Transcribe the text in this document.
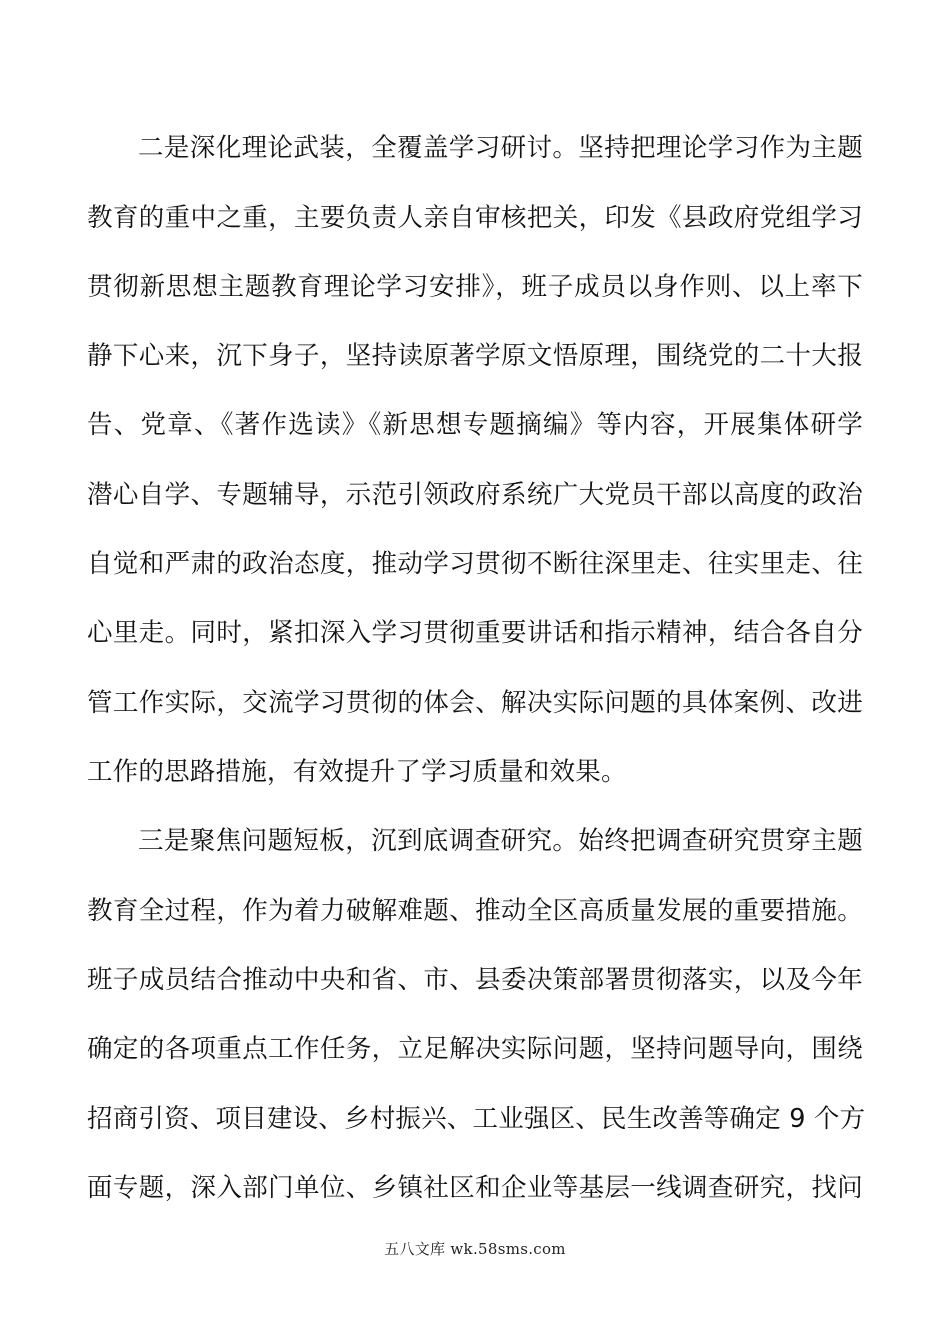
二是深化理论武装，全覆盖学习研讨。坚持把理论学习作为主题
教育的重中之重，主要负责人亲自审核把关，印发《县政府党组学习
贯彻新思想主题教育理论学习安排》，班子成员以身作则、以上率下
静下心来，沉下身子，坚持读原著学原文悟原理，围绕党的二十大报
告、党章、《著作选读》《新思想专题摘编》等内容，开展集体研学
潜心自学、专题辅导，示范引领政府系统广大党员干部以高度的政治
自觉和严肃的政治态度，推动学习贯彻不断往深里走、往实里走、往
心里走。同时，紧扣深入学习贯彻重要讲话和指示精神，结合各自分
管工作实际，交流学习贯彻的体会、解决实际问题的具体案例、改进
工作的思路措施，有效提升了学习质量和效果。
三是聚焦问题短板，沉到底调查研究。始终把调查研究贯穿主题
教育全过程，作为着力破解难题、推动全区高质量发展的重要措施。
班子成员结合推动中央和省、市、县委决策部署贯彻落实，以及今年
确定的各项重点工作任务，立足解决实际问题，坚持问题导向，围绕
招商引资、项目建设、乡村振兴、工业强区、民生改善等确定 9 个方
面专题，深入部门单位、乡镇社区和企业等基层一线调查研究，找问
五八文库 wk.58sms.com
